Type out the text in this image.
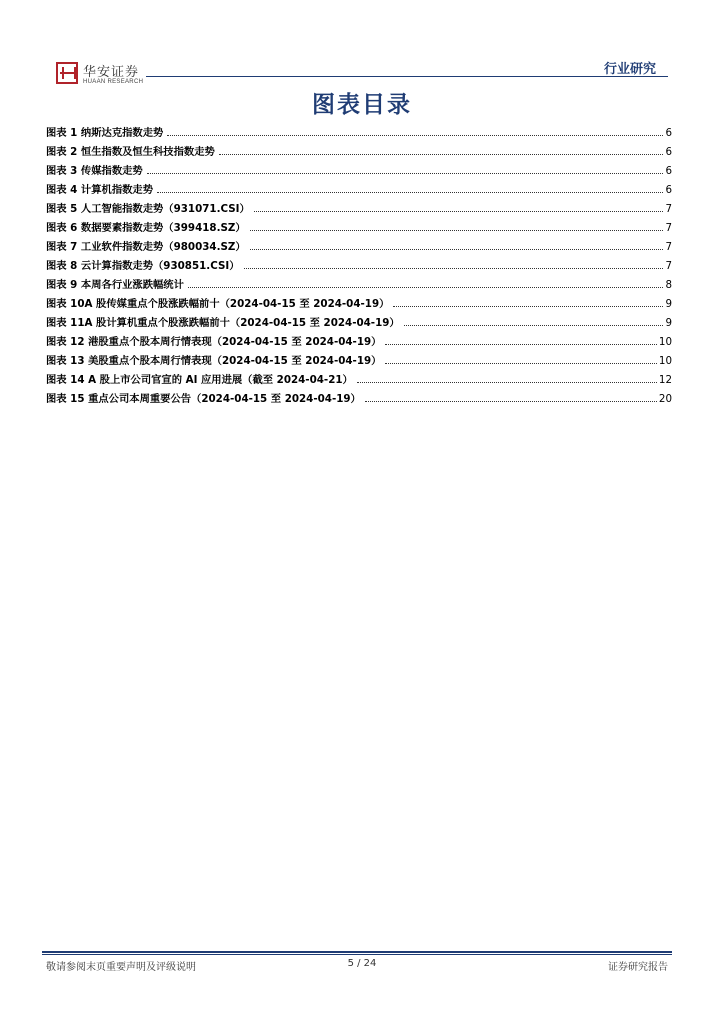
华安证券
HUAAN RESEARCH
行业研究
图表目录
图表 1 纳斯达克指数走势	6
图表 2 恒生指数及恒生科技指数走势	6
图表 3 传媒指数走势	6
图表 4 计算机指数走势	6
图表 5 人工智能指数走势（931071.CSI）	7
图表 6 数据要素指数走势（399418.SZ）	7
图表 7 工业软件指数走势（980034.SZ）	7
图表 8 云计算指数走势（930851.CSI）	7
图表 9 本周各行业涨跌幅统计	8
图表 10A 股传媒重点个股涨跌幅前十（2024-04-15 至 2024-04-19）	9
图表 11A 股计算机重点个股涨跌幅前十（2024-04-15 至 2024-04-19）	9
图表 12 港股重点个股本周行情表现（2024-04-15 至 2024-04-19）	10
图表 13 美股重点个股本周行情表现（2024-04-15 至 2024-04-19）	10
图表 14 A 股上市公司官宣的 AI 应用进展（截至 2024-04-21）	12
图表 15 重点公司本周重要公告（2024-04-15 至 2024-04-19）	20
敬请参阅末页重要声明及评级说明	5 / 24	证券研究报告
